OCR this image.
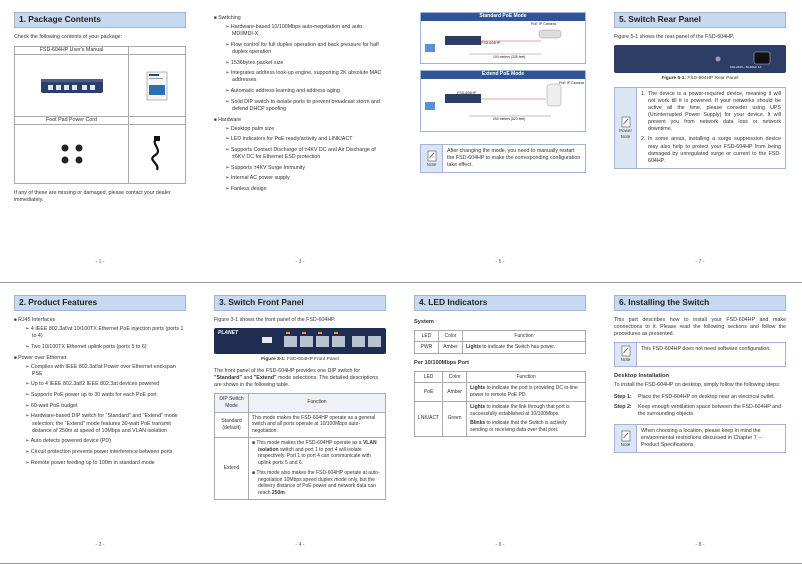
1. Package Contents

Check the following contents of your package:

FSD-604HP User's Manual
Foot Pad Power Cord

If any of these are missing or damaged, please contact your dealer immediately.

- 1 -
■ Switching
➢ Hardware-based 10/100Mbps auto-negotiation and auto MDI/MDI-X
➢ Flow control for full duplex operation and back pressure for half duplex operation
➢ 1536bytes packet size
➢ Integrates address look-up engine, supporting 2K absolute MAC addresses
➢ Automatic address learning and address aging
➢ Solid DIP switch to isolate ports to prevent broadcast storm and defend DHCP spoofing
■ Hardware
➢ Desktop palm size
➢ LED indicators for PoE ready/activity and LINK/ACT
➢ Supports Contact Discharge of ±4KV DC and Air Discharge of ±6KV DC for Ethernet ESD protection
➢ Supports ±4KV Surge Immunity
➢ Internal AC power supply
➢ Fanless design
- 3 -
Standard PoE Mode
FSD-604HP
PoE IP Camera
100 meters (328 feet)
Extend PoE Mode
FSD-604HP
PoE IP Camera
250 meters (820 feet)
Note
After changing the mode, you need to manually restart the FSD-604HP to make the corresponding configuration take effect.
- 5 -
5. Switch Rear Panel

Figure 5-1 shows the rear panel of the FSD-604HP.

100-240V~ 50-60Hz 1A
Figure 5-1: FSD-604HP Rear Panel
Power Note
1. The device is a power-required device, meaning it will not work till it is powered. If your networks should be active all the time, please consider using UPS (Uninterrupted Power Supply) for your device. It will prevent you from network data loss or network downtime.
2. In some areas, installing a surge suppression device may also help to protect your FSD-604HP from being damaged by unregulated surge or current to the FSD-604HP.
- 7 -
2. Product Features
■ RJ45 Interfaces
➢ 4 IEEE 802.3af/at 10/100TX Ethernet PoE injection ports (ports 1 to 4)
➢ Two 10/100TX Ethernet uplink ports (ports 5 to 6)
■ Power over Ethernet
➢ Complies with IEEE 802.3af/at Power over Ethernet end-span PSE
➢ Up to 4 IEEE 802.3af/2 IEEE 802.3at devices powered
➢ Supports PoE power up to 30 watts for each PoE port
➢ 60-watt PoE budget
➢ Hardware-based DIP switch for "Standard" and "Extend" mode selection; the "Extend" mode features 30-watt PoE transmit distance of 250m at speed of 10Mbps and VLAN isolation
➢ Auto detects powered device (PD)
➢ Circuit protection prevents power interference between ports
➢ Remote power feeding up to 100m in standard mode
- 2 -
3. Switch Front Panel

Figure 3-1 shows the front panel of the FSD-604HP.

PLANET
Figure 3-1: FSD-604HP Front Panel

The front panel of the FSD-604HP provides one DIP switch for "Standard" and "Extend" mode selections. The detailed descriptions are shown in the following table.

DIP Switch Mode	Function
Standard (default)	This mode makes the FSD-604HP operate as a general switch and all ports operate at 10/100Mbps auto-negotiation.
Extend	■ This mode makes the FSD-604HP operate as a VLAN isolation switch and port 1 to port 4 will isolate respectively. Port 1 to port 4 can communicate with uplink ports 5 and 6.
■ This mode also makes the FSD-604HP operate at auto-negotiation 10Mbps speed duplex mode only, but the delivery distance of PoE power and network data can reach 250m.
- 4 -
4. LED Indicators
System
LED	Color	Function
PWR	Amber	Lights to indicate the Switch has power.
Per 10/100Mbps Port
LED	Color	Function
PoE	Amber	Lights to indicate the port is providing DC in-line power to remote PoE PD.
LNK/ACT	Green	Lights to indicate the link through that port is successfully established at 10/100Mbps.
Blinks to indicate that the Switch is actively sending or receiving data over that port.
- 6 -
6. Installing the Switch

This part describes how to install your FSD-604HP and make connections to it. Please read the following sections and follow the procedures as presented.

Note
This FSD-604HP does not need software configuration.
Desktop Installation

To install the FSD-604HP on desktop, simply follow the following steps:

Step 1:	Place the FSD-604HP on desktop near an electrical outlet.
Step 2:	Keep enough ventilation space between the FSD-604HP and the surrounding objects.
Note
When choosing a location, please keep in mind the environmental restrictions discussed in Chapter 7 -- Product Specifications.
- 8 -
